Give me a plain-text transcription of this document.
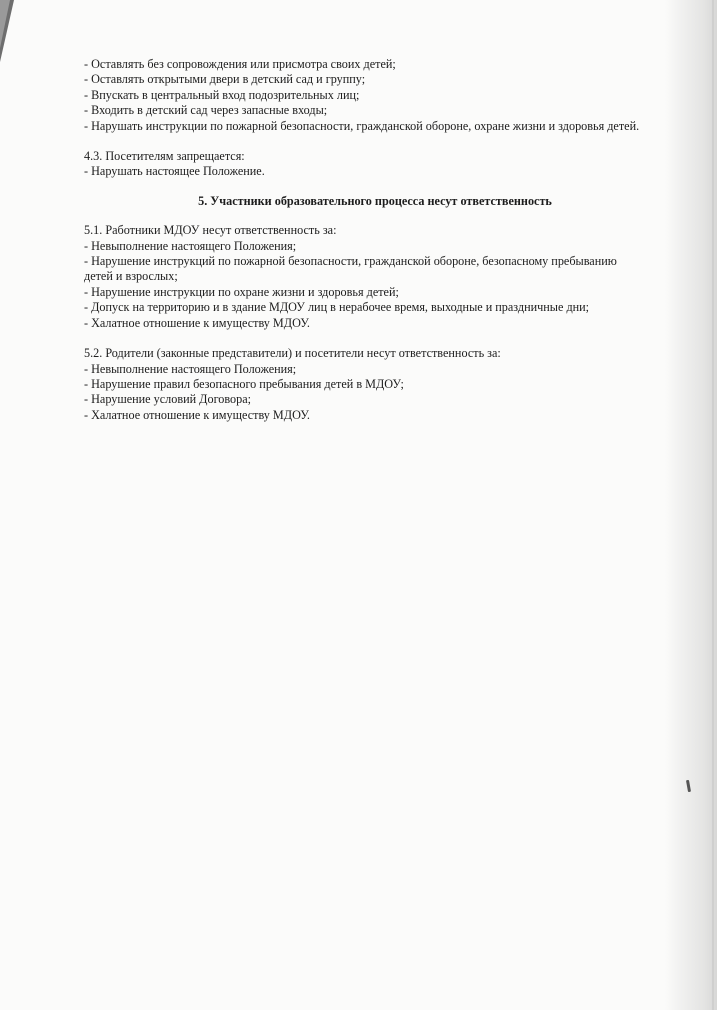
- Оставлять без сопровождения или присмотра своих детей;

- Оставлять открытыми двери в детский сад и группу;

- Впускать в центральный вход подозрительных лиц;

- Входить в детский сад через запасные входы;

- Нарушать инструкции по пожарной безопасности, гражданской обороне, охране жизни и здоровья детей.

4.3. Посетителям запрещается:

- Нарушать настоящее Положение.

5. Участники образовательного процесса несут ответственность

5.1. Работники МДОУ несут ответственность за:

- Невыполнение настоящего Положения;

- Нарушение инструкций по пожарной безопасности, гражданской обороне, безопасному пребыванию детей и взрослых;

- Нарушение инструкции по охране жизни и здоровья детей;

- Допуск на территорию и в здание МДОУ лиц в нерабочее время, выходные и праздничные дни;

- Халатное отношение к имуществу МДОУ.

5.2. Родители (законные представители) и посетители несут ответственность за:

- Невыполнение настоящего Положения;

- Нарушение правил безопасного пребывания детей в МДОУ;

- Нарушение условий Договора;

- Халатное отношение к имуществу МДОУ.
